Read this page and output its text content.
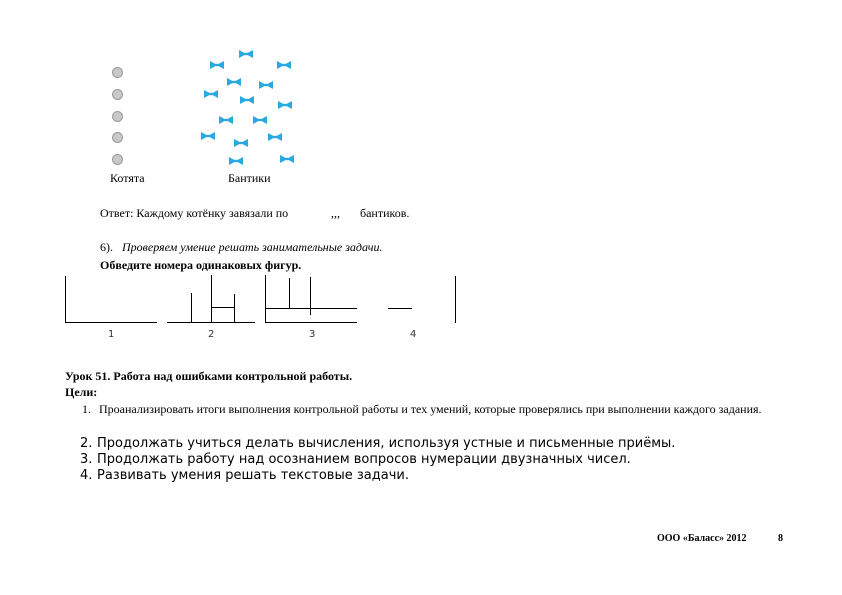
Котята	Бантики
Ответ: Каждому котёнку завязали по	,,, бантиков.
6). Проверяем умение решать занимательные задачи.
Обведите номера одинаковых фигур.
1	2	3	4
Урок 51. Работа над ошибками контрольной работы.
Цели:
1. Проанализировать итоги выполнения контрольной работы и тех умений, которые проверялись при выполнении каждого задания.
2. Продолжать учиться делать вычисления, используя устные и письменные приёмы.
3. Продолжать работу над осознанием вопросов нумерации двузначных чисел.
4. Развивать умения решать текстовые задачи.
ООО «Баласс» 2012	8
